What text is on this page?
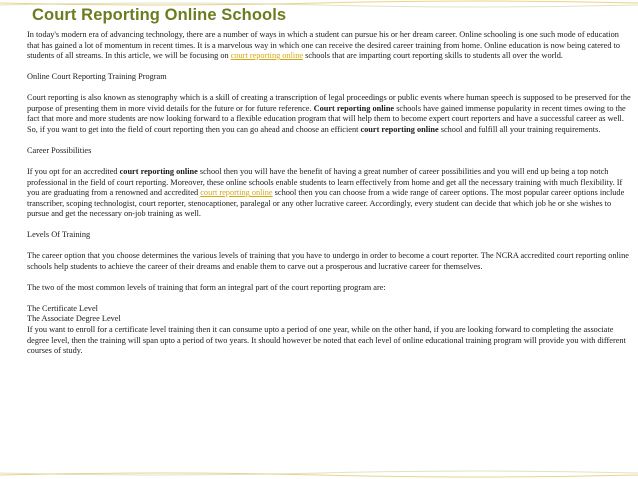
Court Reporting Online Schools

In today's modern era of advancing technology, there are a number of ways in which a student can pursue his or her dream career. Online schooling is one such mode of education that has gained a lot of momentum in recent times. It is a marvelous way in which one can receive the desired career training from home. Online education is now being catered to students of all streams. In this article, we will be focusing on court reporting online schools that are imparting court reporting skills to students all over the world.

Online Court Reporting Training Program

Court reporting is also known as stenography which is a skill of creating a transcription of legal proceedings or public events where human speech is supposed to be preserved for the purpose of presenting them in more vivid details for the future or for future reference. Court reporting online schools have gained immense popularity in recent times owing to the fact that more and more students are now looking forward to a flexible education program that will help them to become expert court reporters and have a successful career as well. So, if you want to get into the field of court reporting then you can go ahead and choose an efficient court reporting online school and fulfill all your training requirements.

Career Possibilities

If you opt for an accredited court reporting online school then you will have the benefit of having a great number of career possibilities and you will end up being a top notch professional in the field of court reporting. Moreover, these online schools enable students to learn effectively from home and get all the necessary training with much flexibility. If you are graduating from a renowned and accredited court reporting online school then you can choose from a wide range of career options. The most popular career options include transcriber, scoping technologist, court reporter, stenocaptioner, paralegal or any other lucrative career. Accordingly, every student can decide that which job he or she wishes to pursue and get the necessary on-job training as well.

Levels Of Training

The career option that you choose determines the various levels of training that you have to undergo in order to become a court reporter. The NCRA accredited court reporting online schools help students to achieve the career of their dreams and enable them to carve out a prosperous and lucrative career for themselves.

The two of the most common levels of training that form an integral part of the court reporting program are:

The Certificate Level

The Associate Degree Level

If you want to enroll for a certificate level training then it can consume upto a period of one year, while on the other hand, if you are looking forward to completing the associate degree level, then the training will span upto a period of two years. It should however be noted that each level of online educational training program will provide you with different courses of study.
